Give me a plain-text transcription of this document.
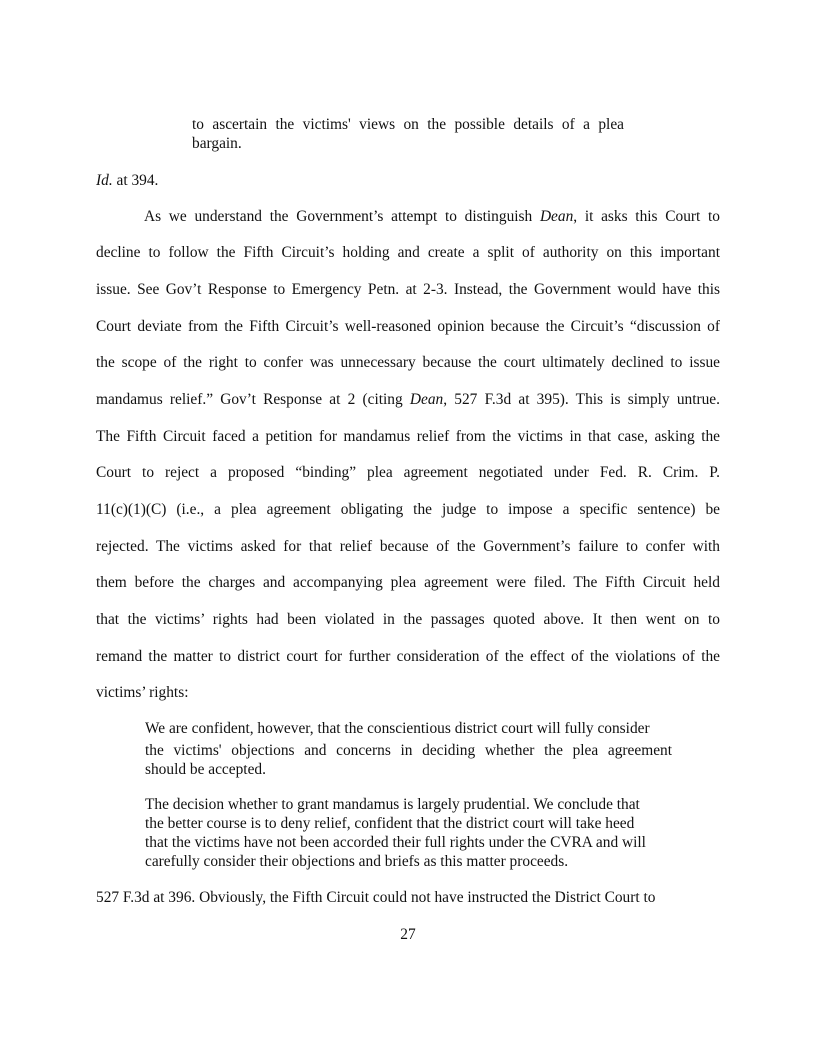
to ascertain the victims' views on the possible details of a plea
bargain.
Id. at 394.
As we understand the Government’s attempt to distinguish Dean, it asks this Court to
decline to follow the Fifth Circuit’s holding and create a split of authority on this important
issue. See Gov’t Response to Emergency Petn. at 2-3. Instead, the Government would have this
Court deviate from the Fifth Circuit’s well-reasoned opinion because the Circuit’s “discussion of
the scope of the right to confer was unnecessary because the court ultimately declined to issue
mandamus relief.” Gov’t Response at 2 (citing Dean, 527 F.3d at 395). This is simply untrue.
The Fifth Circuit faced a petition for mandamus relief from the victims in that case, asking the
Court to reject a proposed “binding” plea agreement negotiated under Fed. R. Crim. P.
11(c)(1)(C) (i.e., a plea agreement obligating the judge to impose a specific sentence) be
rejected. The victims asked for that relief because of the Government’s failure to confer with
them before the charges and accompanying plea agreement were filed. The Fifth Circuit held
that the victims’ rights had been violated in the passages quoted above. It then went on to
remand the matter to district court for further consideration of the effect of the violations of the
victims’ rights:
We are confident, however, that the conscientious district court will fully consider
the victims' objections and concerns in deciding whether the plea agreement
should be accepted.
The decision whether to grant mandamus is largely prudential. We conclude that
the better course is to deny relief, confident that the district court will take heed
that the victims have not been accorded their full rights under the CVRA and will
carefully consider their objections and briefs as this matter proceeds.
527 F.3d at 396. Obviously, the Fifth Circuit could not have instructed the District Court to
27
